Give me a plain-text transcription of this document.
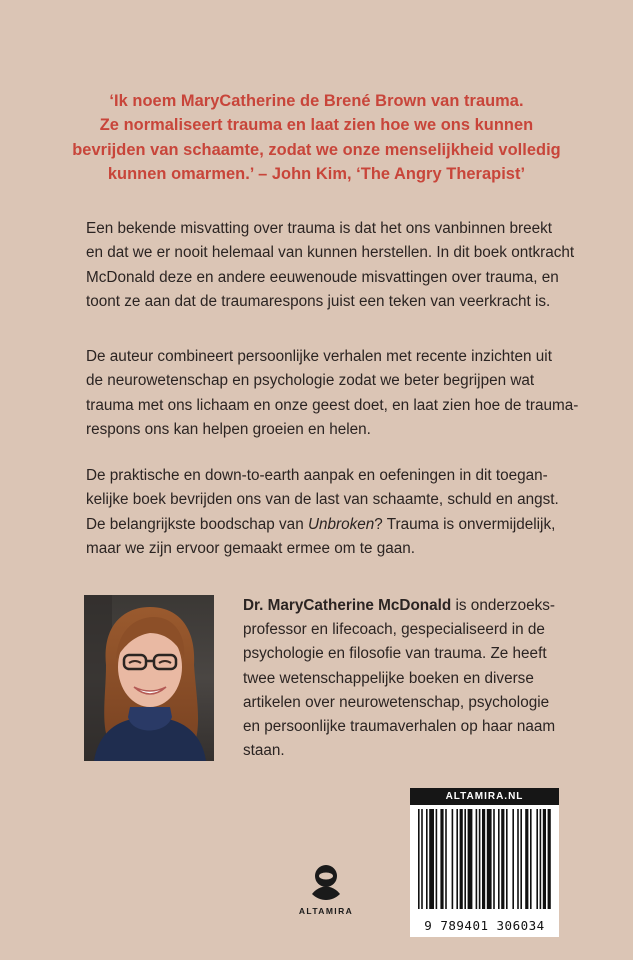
‘Ik noem MaryCatherine de Brené Brown van trauma.
Ze normaliseert trauma en laat zien hoe we ons kunnen
bevrijden van schaamte, zodat we onze menselijkheid volledig
kunnen omarmen.’ – John Kim, ‘The Angry Therapist’
Een bekende misvatting over trauma is dat het ons vanbinnen breekt
en dat we er nooit helemaal van kunnen herstellen. In dit boek ontkracht
McDonald deze en andere eeuwenoude misvattingen over trauma, en
toont ze aan dat de traumarespons juist een teken van veerkracht is.
De auteur combineert persoonlijke verhalen met recente inzichten uit
de neurowetenschap en psychologie zodat we beter begrijpen wat
trauma met ons lichaam en onze geest doet, en laat zien hoe de trauma-
respons ons kan helpen groeien en helen.
De praktische en down-to-earth aanpak en oefeningen in dit toegan-
kelijke boek bevrijden ons van de last van schaamte, schuld en angst.
De belangrijkste boodschap van Unbroken? Trauma is onvermijdelijk,
maar we zijn ervoor gemaakt ermee om te gaan.
Dr. MaryCatherine McDonald is onderzoeks-
professor en lifecoach, gespecialiseerd in de
psychologie en filosofie van trauma. Ze heeft
twee wetenschappelijke boeken en diverse
artikelen over neurowetenschap, psychologie
en persoonlijke traumaverhalen op haar naam
staan.
ALTAMIRA
ALTAMIRA.NL
9 789401 306034
